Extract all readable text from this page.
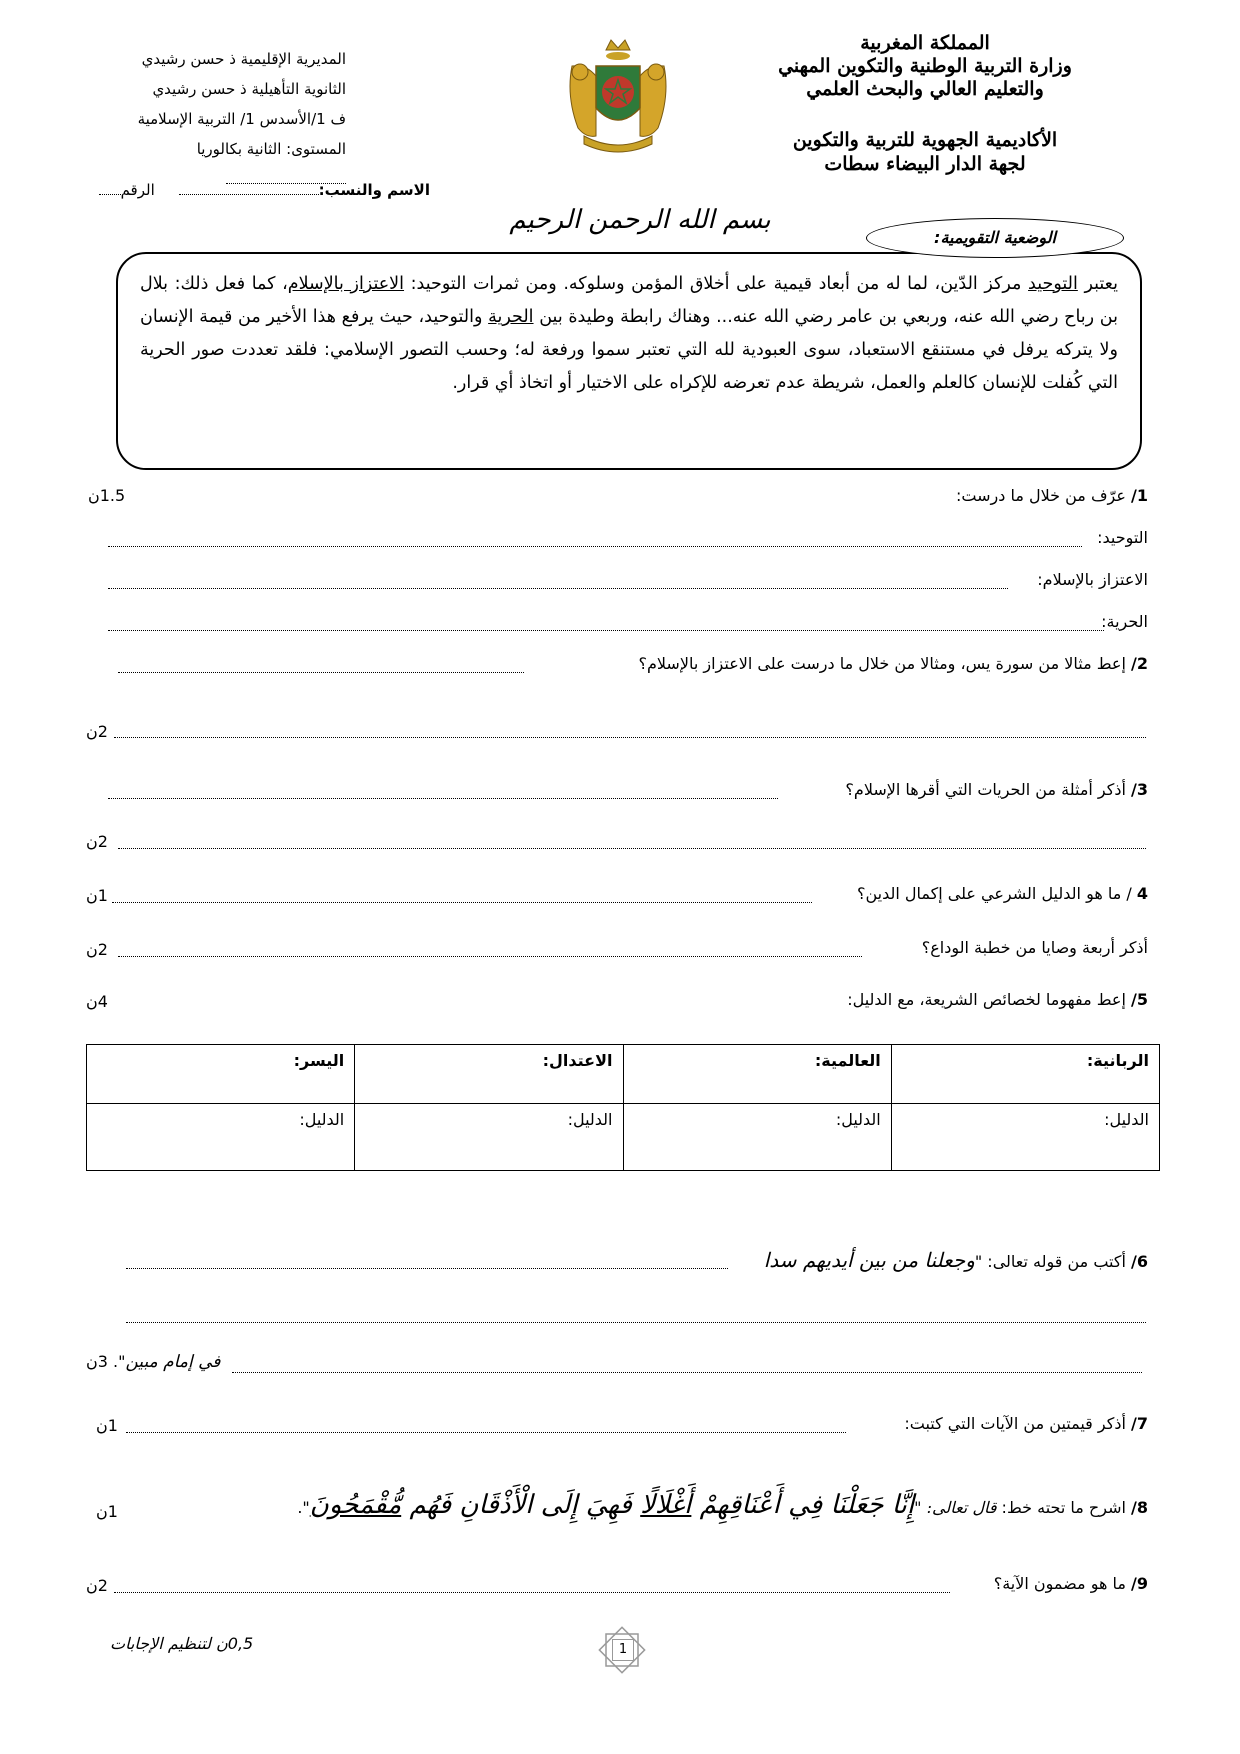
المملكة المغربية
وزارة التربية الوطنية والتكوين المهني
والتعليم العالي والبحث العلمي
الأكاديمية الجهوية للتربية والتكوين
لجهة الدار البيضاء سطات
المديرية الإقليمية ذ حسن رشيدي
الثانوية التأهيلية ذ حسن رشيدي
ف 1/الأسدس 1/ التربية الإسلامية
المستوى: الثانية بكالوريا
الاسم والنسب:     الرقم
بسم الله الرحمن الرحيم
الوضعية التقويمية:
يعتبر التوحيد مركز الدّين، لما له من أبعاد قيمية على أخلاق المؤمن وسلوكه. ومن ثمرات التوحيد: الاعتزاز بالإسلام، كما فعل ذلك: بلال بن رباح رضي الله عنه، وربعي بن عامر رضي الله عنه... وهناك رابطة وطيدة بين الحرية والتوحيد، حيث يرفع هذا الأخير من قيمة الإنسان ولا يتركه يرفل في مستنقع الاستعباد، سوى العبودية لله التي تعتبر سموا ورفعة له؛ وحسب التصور الإسلامي: فلقد تعددت صور الحرية التي كُفلت للإنسان كالعلم والعمل، شريطة عدم تعرضه للإكراه على الاختيار أو اتخاذ أي قرار.
1/ عرّف من خلال ما درست:
1.5ن
التوحيد:
الاعتزاز بالإسلام:
الحرية:
2/ إعط مثالا من سورة يس، ومثالا من خلال ما درست على الاعتزاز بالإسلام؟
2ن
3/ أذكر أمثلة من الحريات التي أقرها الإسلام؟
2ن
4 / ما هو الدليل الشرعي على إكمال الدين؟
1ن
أذكر أربعة وصايا من خطبة الوداع؟
2ن
5/ إعط مفهوما لخصائص الشريعة، مع الدليل:
4ن
الربانية:	العالمية:	الاعتدال:	اليسر:
الدليل:	الدليل:	الدليل:	الدليل:
6/ أكتب من قوله تعالى: "وجعلنا من بين أيديهم سدا
في إمام مبين". 3ن
7/ أذكر قيمتين من الآيات التي كتبت:
1ن
8/ اشرح ما تحته خط: قال تعالى: "إِنَّا جَعَلْنَا فِي أَعْنَاقِهِمْ أَغْلَالًا فَهِيَ إِلَى الْأَذْقَانِ فَهُم مُّقْمَحُونَ".
1ن
9/ ما هو مضمون الآية؟
2ن
0,5ن لتنظيم الإجابات	1
